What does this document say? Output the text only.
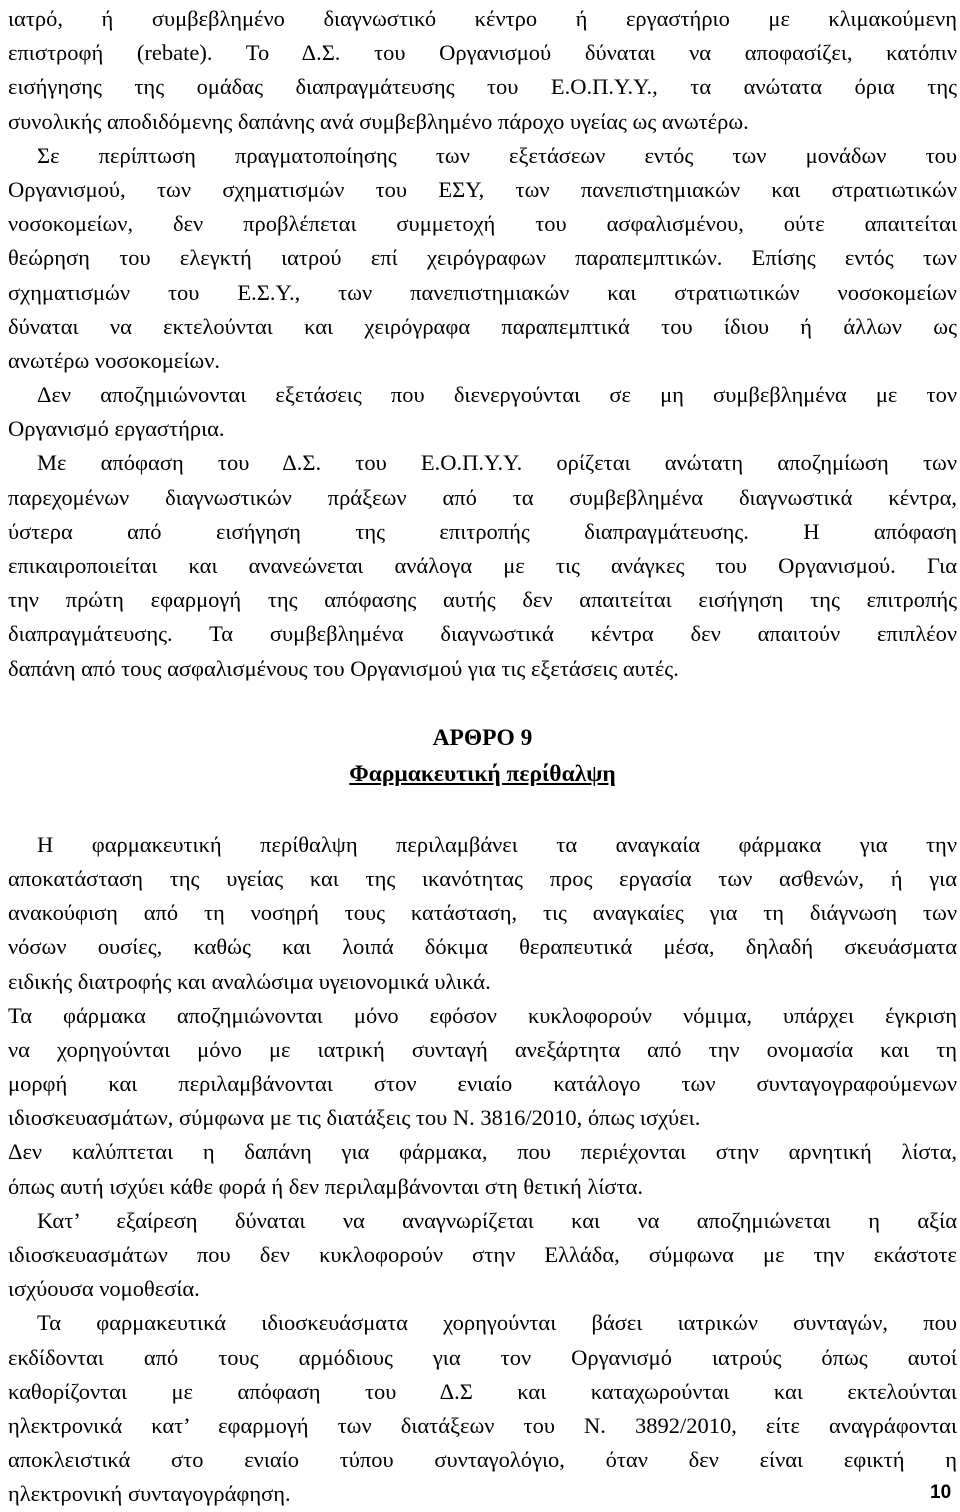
ιατρό, ή συμβεβλημένο διαγνωστικό κέντρο ή εργαστήριο με κλιμακούμενη
επιστροφή (rebate). Το Δ.Σ. του Οργανισμού δύναται να αποφασίζει, κατόπιν
εισήγησης της ομάδας διαπραγμάτευσης του Ε.Ο.Π.Υ.Υ., τα ανώτατα όρια της
συνολικής αποδιδόμενης δαπάνης ανά συμβεβλημένο πάροχο υγείας ως ανωτέρω.
Σε περίπτωση πραγματοποίησης των εξετάσεων εντός των μονάδων του
Οργανισμού, των σχηματισμών του ΕΣΥ, των πανεπιστημιακών και στρατιωτικών
νοσοκομείων, δεν προβλέπεται συμμετοχή του ασφαλισμένου, ούτε απαιτείται
θεώρηση του ελεγκτή ιατρού επί χειρόγραφων παραπεμπτικών. Επίσης εντός των
σχηματισμών του Ε.Σ.Υ., των πανεπιστημιακών και στρατιωτικών νοσοκομείων
δύναται να εκτελούνται και χειρόγραφα παραπεμπτικά του ίδιου ή άλλων ως
ανωτέρω νοσοκομείων.
Δεν αποζημιώνονται εξετάσεις που διενεργούνται σε μη συμβεβλημένα με τον
Οργανισμό εργαστήρια.
Με απόφαση του Δ.Σ. του Ε.Ο.Π.Υ.Υ. ορίζεται ανώτατη αποζημίωση των
παρεχομένων διαγνωστικών πράξεων από τα συμβεβλημένα διαγνωστικά κέντρα,
ύστερα από εισήγηση της επιτροπής διαπραγμάτευσης. Η απόφαση
επικαιροποιείται και ανανεώνεται ανάλογα με τις ανάγκες του Οργανισμού. Για
την πρώτη εφαρμογή της απόφασης αυτής δεν απαιτείται εισήγηση της επιτροπής
διαπραγμάτευσης. Τα συμβεβλημένα διαγνωστικά κέντρα δεν απαιτούν επιπλέον
δαπάνη από τους ασφαλισμένους του Οργανισμού για τις εξετάσεις αυτές.
ΑΡΘΡΟ 9
Φαρμακευτική περίθαλψη
Η φαρμακευτική περίθαλψη περιλαμβάνει τα αναγκαία φάρμακα για την
αποκατάσταση της υγείας και της ικανότητας προς εργασία των ασθενών, ή για
ανακούφιση από τη νοσηρή τους κατάσταση, τις αναγκαίες για τη διάγνωση των
νόσων ουσίες, καθώς και λοιπά δόκιμα θεραπευτικά μέσα, δηλαδή σκευάσματα
ειδικής διατροφής και αναλώσιμα υγειονομικά υλικά.
Τα φάρμακα αποζημιώνονται μόνο εφόσον κυκλοφορούν νόμιμα, υπάρχει έγκριση
να χορηγούνται μόνο με ιατρική συνταγή ανεξάρτητα από την ονομασία και τη
μορφή και περιλαμβάνονται στον ενιαίο κατάλογο των συνταγογραφούμενων
ιδιοσκευασμάτων, σύμφωνα με τις διατάξεις του Ν. 3816/2010, όπως ισχύει.
Δεν καλύπτεται η δαπάνη για φάρμακα, που περιέχονται στην αρνητική λίστα,
όπως αυτή ισχύει κάθε φορά ή δεν περιλαμβάνονται στη θετική λίστα.
Κατ’ εξαίρεση δύναται να αναγνωρίζεται και να αποζημιώνεται η αξία
ιδιοσκευασμάτων που δεν κυκλοφορούν στην Ελλάδα, σύμφωνα με την εκάστοτε
ισχύουσα νομοθεσία.
Τα φαρμακευτικά ιδιοσκευάσματα χορηγούνται βάσει ιατρικών συνταγών, που
εκδίδονται από τους αρμόδιους για τον Οργανισμό ιατρούς όπως αυτοί
καθορίζονται με απόφαση του Δ.Σ και καταχωρούνται και εκτελούνται
ηλεκτρονικά κατ’ εφαρμογή των διατάξεων του Ν. 3892/2010, είτε αναγράφονται
αποκλειστικά στο ενιαίο τύπου συνταγολόγιο, όταν δεν είναι εφικτή η
ηλεκτρονική συνταγογράφηση.	10
